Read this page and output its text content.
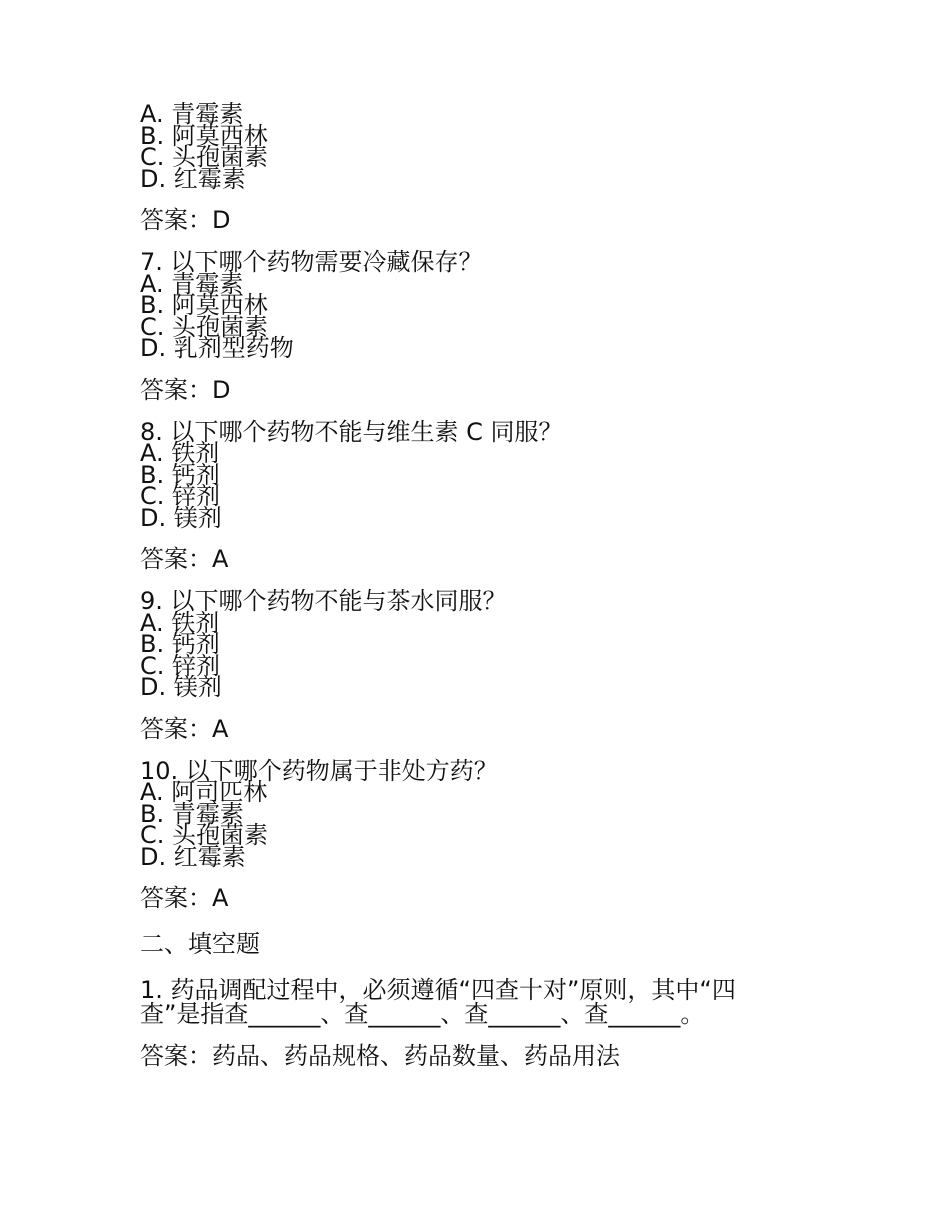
A. 青霉素
B. 阿莫西林
C. 头孢菌素
D. 红霉素
答案：D
7. 以下哪个药物需要冷藏保存？
A. 青霉素
B. 阿莫西林
C. 头孢菌素
D. 乳剂型药物
答案：D
8. 以下哪个药物不能与维生素 C 同服？
A. 铁剂
B. 钙剂
C. 锌剂
D. 镁剂
答案：A
9. 以下哪个药物不能与茶水同服？
A. 铁剂
B. 钙剂
C. 锌剂
D. 镁剂
答案：A
10. 以下哪个药物属于非处方药？
A. 阿司匹林
B. 青霉素
C. 头孢菌素
D. 红霉素
答案：A
二、填空题
1. 药品调配过程中，必须遵循“四查十对”原则，其中“四
查”是指查______、查______、查______、查______。
答案：药品、药品规格、药品数量、药品用法
